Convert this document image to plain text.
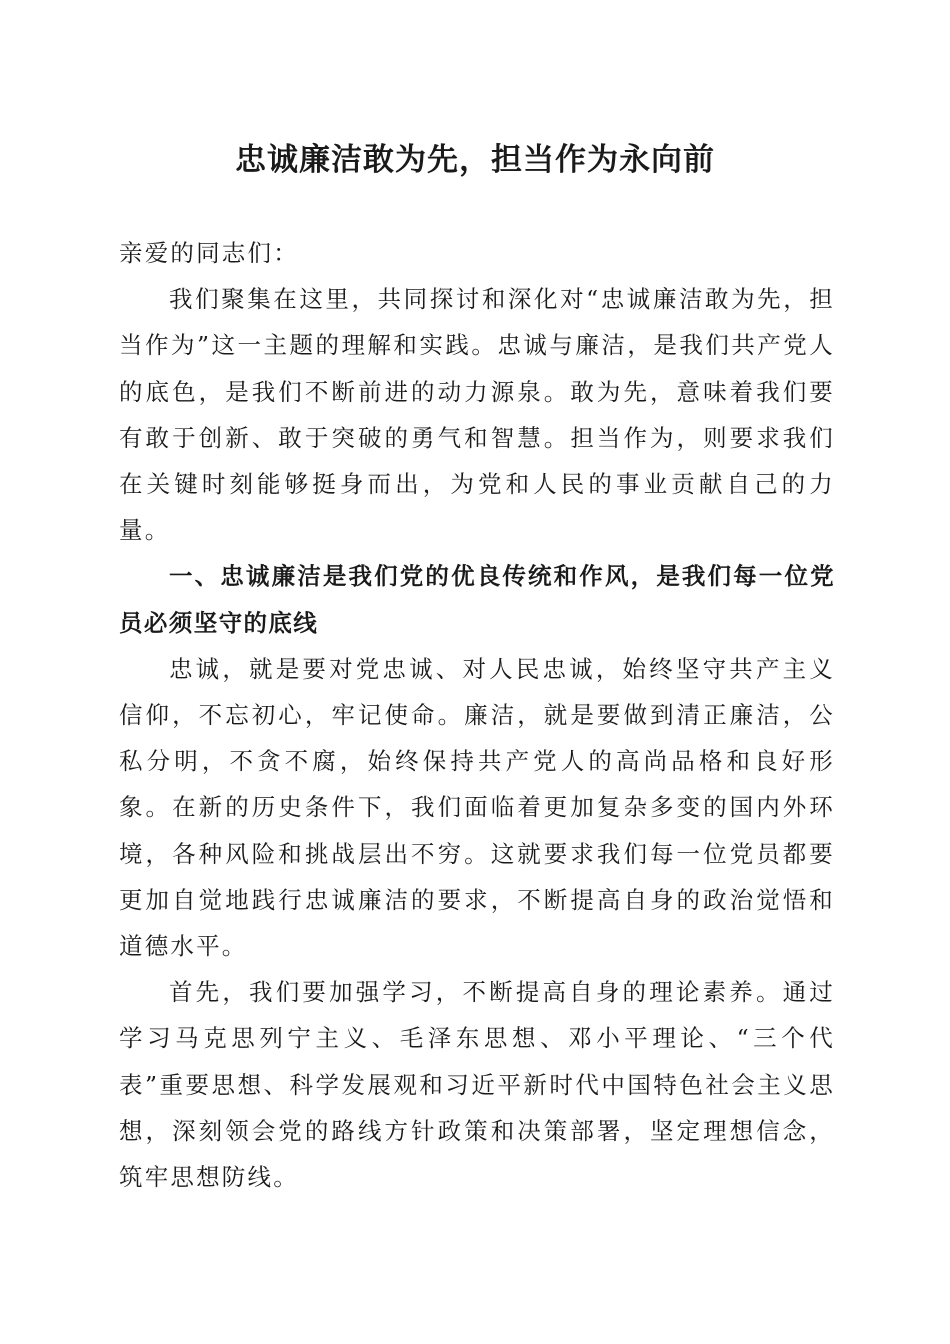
忠诚廉洁敢为先，担当作为永向前

亲爱的同志们：

我们聚集在这里，共同探讨和深化对“忠诚廉洁敢为先，担当作为”这一主题的理解和实践。忠诚与廉洁，是我们共产党人的底色，是我们不断前进的动力源泉。敢为先，意味着我们要有敢于创新、敢于突破的勇气和智慧。担当作为，则要求我们在关键时刻能够挺身而出，为党和人民的事业贡献自己的力量。

一、忠诚廉洁是我们党的优良传统和作风，是我们每一位党员必须坚守的底线

忠诚，就是要对党忠诚、对人民忠诚，始终坚守共产主义信仰，不忘初心，牢记使命。廉洁，就是要做到清正廉洁，公私分明，不贪不腐，始终保持共产党人的高尚品格和良好形象。在新的历史条件下，我们面临着更加复杂多变的国内外环境，各种风险和挑战层出不穷。这就要求我们每一位党员都要更加自觉地践行忠诚廉洁的要求，不断提高自身的政治觉悟和道德水平。

首先，我们要加强学习，不断提高自身的理论素养。通过学习马克思列宁主义、毛泽东思想、邓小平理论、“三个代表”重要思想、科学发展观和习近平新时代中国特色社会主义思想，深刻领会党的路线方针政策和决策部署，坚定理想信念，筑牢思想防线。
